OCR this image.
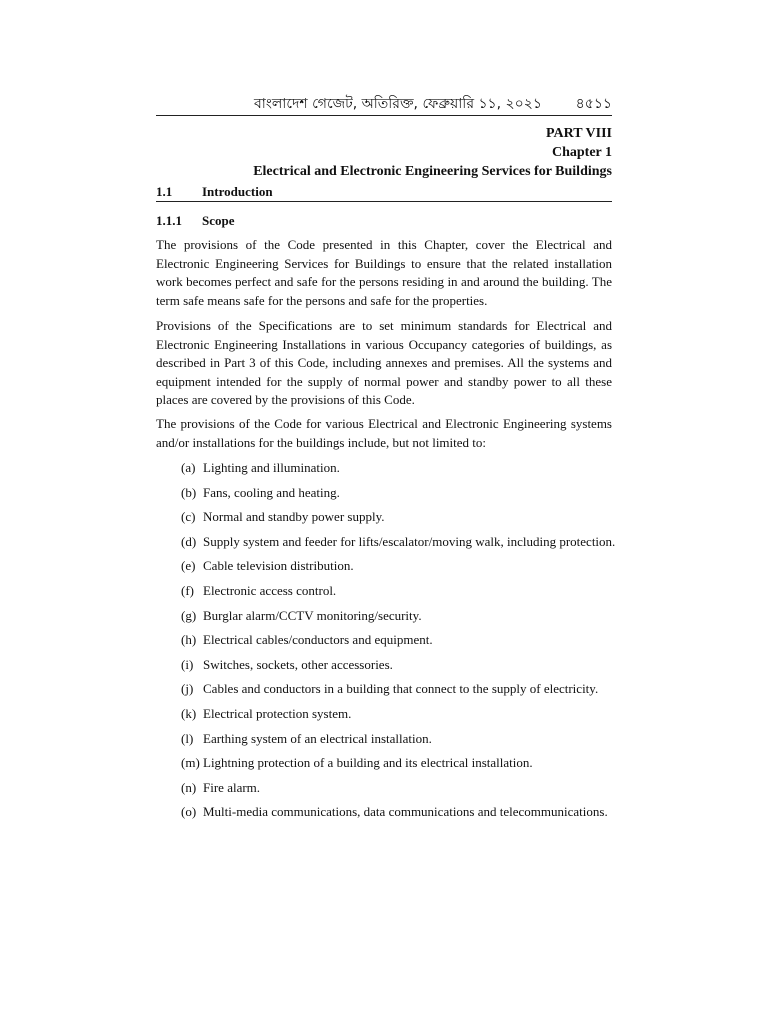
বাংলাদেশ গেজেট, অতিরিক্ত, ফেব্রুয়ারি ১১, ২০২১ ৪৫১১
PART VIII
Chapter 1
Electrical and Electronic Engineering Services for Buildings
1.1 Introduction
1.1.1 Scope
The provisions of the Code presented in this Chapter, cover the Electrical and Electronic Engineering Services for Buildings to ensure that the related installation work becomes perfect and safe for the persons residing in and around the building. The term safe means safe for the persons and safe for the properties.
Provisions of the Specifications are to set minimum standards for Electrical and Electronic Engineering Installations in various Occupancy categories of buildings, as described in Part 3 of this Code, including annexes and premises. All the systems and equipment intended for the supply of normal power and standby power to all these places are covered by the provisions of this Code.
The provisions of the Code for various Electrical and Electronic Engineering systems and/or installations for the buildings include, but not limited to:
(a) Lighting and illumination.
(b) Fans, cooling and heating.
(c) Normal and standby power supply.
(d) Supply system and feeder for lifts/escalator/moving walk, including protection.
(e) Cable television distribution.
(f) Electronic access control.
(g) Burglar alarm/CCTV monitoring/security.
(h) Electrical cables/conductors and equipment.
(i) Switches, sockets, other accessories.
(j) Cables and conductors in a building that connect to the supply of electricity.
(k) Electrical protection system.
(l) Earthing system of an electrical installation.
(m) Lightning protection of a building and its electrical installation.
(n) Fire alarm.
(o) Multi-media communications, data communications and telecommunications.
